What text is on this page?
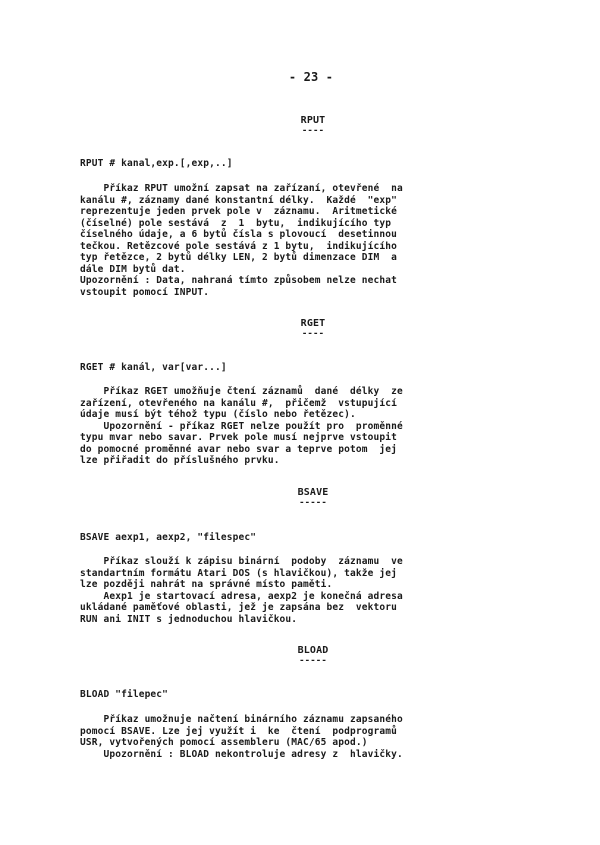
- 23 -
RPUT
----
RPUT # kanal,exp.[,exp,..]
Příkaz RPUT umožní zapsat na zařízaní, otevřené  na
kanálu #, záznamy dané konstantní délky.  Každé  "exp"
reprezentuje jeden prvek pole v  záznamu.  Aritmetické
(číselné) pole sestává  z  1  bytu,  indikujícího typ
číselného údaje, a 6 bytů čísla s plovoucí  desetinnou
tečkou. Retězcové pole sestává z 1 bytu,  indikujícího
typ řetězce, 2 bytů délky LEN, 2 bytů dimenzace DIM  a
dále DIM bytů dat.
Upozornění : Data, nahraná tímto způsobem nelze nechat
vstoupit pomocí INPUT.
RGET
----
RGET # kanál, var[var...]
Příkaz RGET umožňuje čtení záznamů  dané  délky  ze
zařízení, otevřeného na kanálu #,  přičemž  vstupující
údaje musí být téhož typu (číslo nebo řetězec).
Upozornění - příkaz RGET nelze použít pro  proměnné
typu mvar nebo savar. Prvek pole musí nejprve vstoupit
do pomocné proměnné avar nebo svar a teprve potom  jej
lze přiřadit do příslušného prvku.
BSAVE
-----
BSAVE aexp1, aexp2, "filespec"
Příkaz slouží k zápisu binární  podoby  záznamu  ve
standartním formátu Atari DOS (s hlavičkou), takže jej
lze později nahrát na správné místo paměti.
Aexp1 je startovací adresa, aexp2 je konečná adresa
ukládané paměťové oblasti, jež je zapsána bez  vektoru
RUN ani INIT s jednoduchou hlavičkou.
BLOAD
-----
BLOAD "filepec"
Příkaz umožnuje načtení binárního záznamu zapsaného
pomocí BSAVE. Lze jej využít i  ke  čtení  podprogramů
USR, vytvořených pomocí assembleru (MAC/65 apod.)
Upozornění : BLOAD nekontroluje adresy z  hlavičky.
